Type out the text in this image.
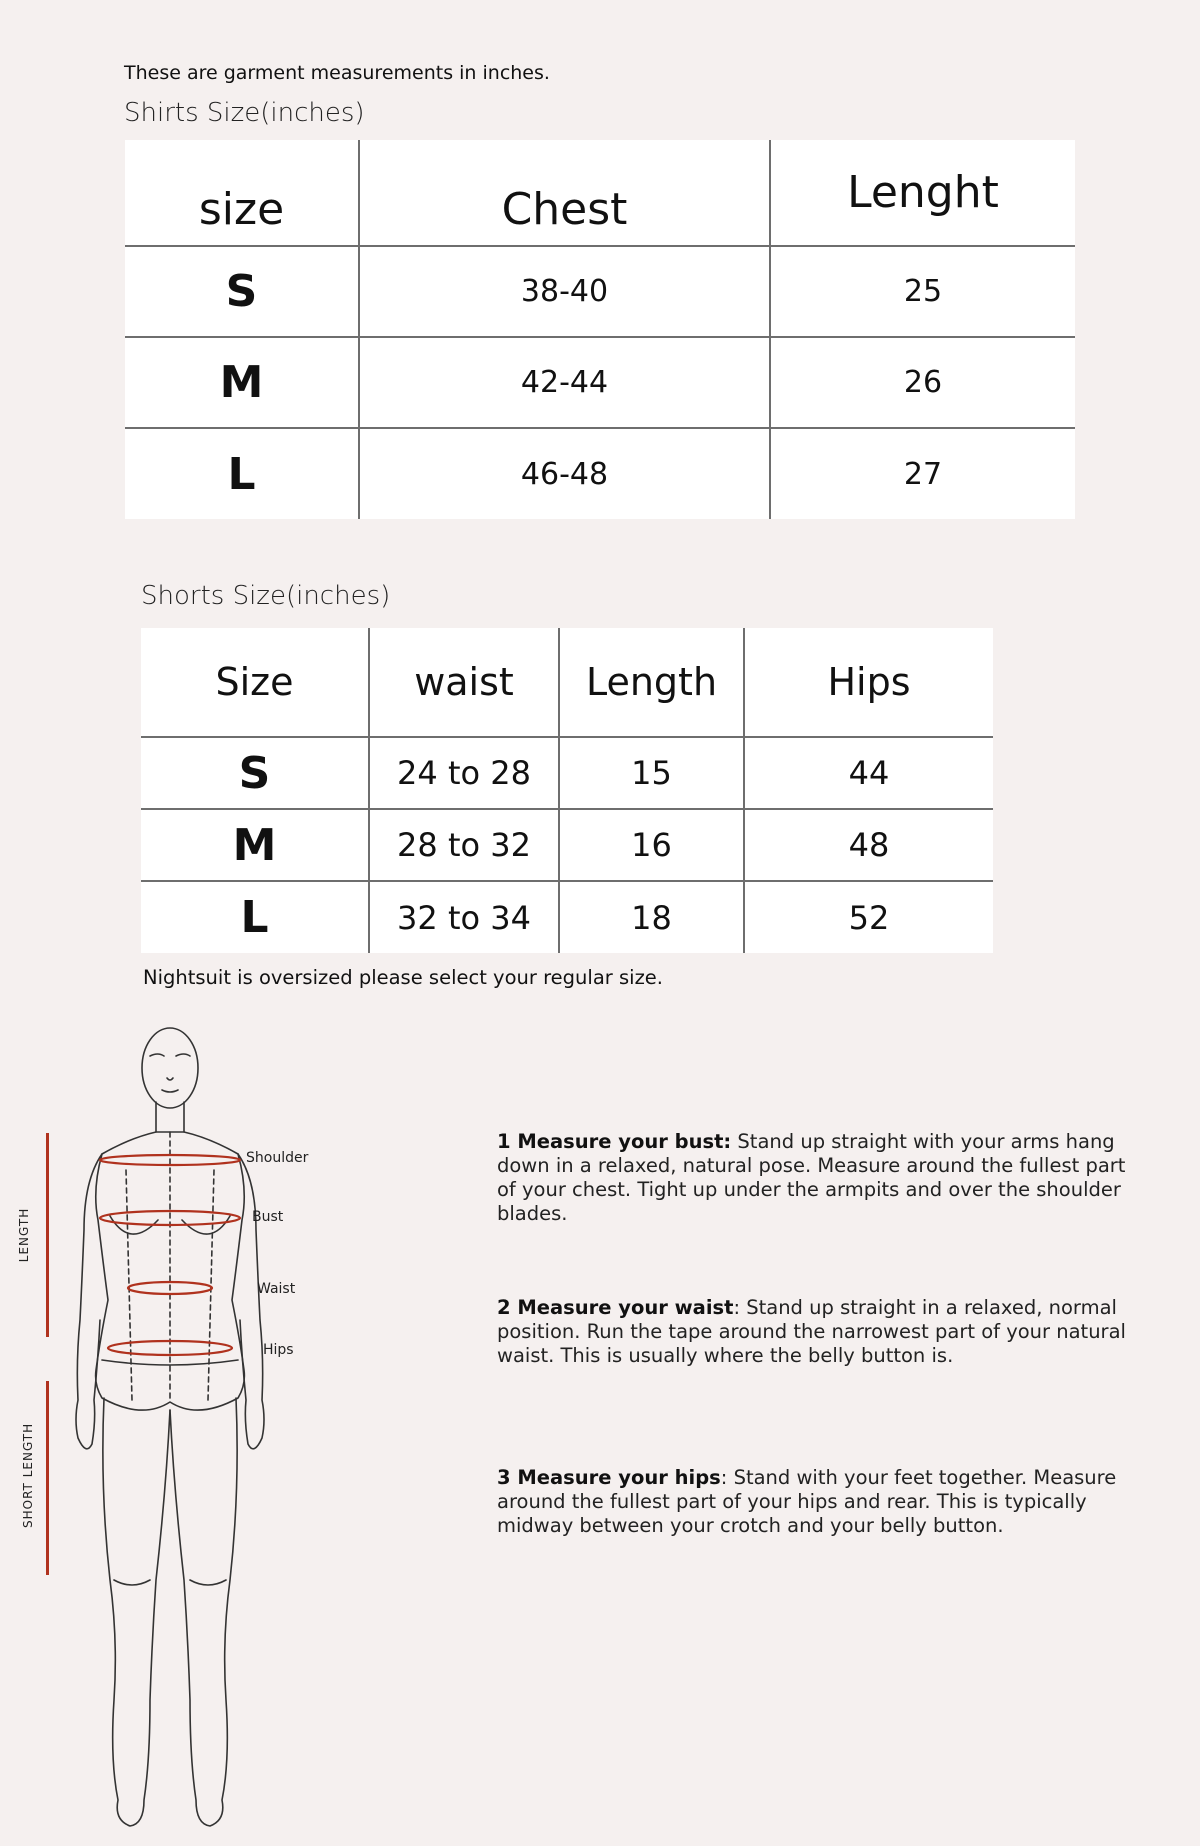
These are garment measurements in inches.
Shirts Size(inches)
size	Chest	Lenght
S	38-40	25
M	42-44	26
L	46-48	27
Shorts Size(inches)
Size	waist	Length	Hips
S	24 to 28	15	44
M	28 to 32	16	48
L	32 to 34	18	52
Nightsuit is oversized please select your regular size.
LENGTH
SHORT LENGTH
Shoulder
Bust
Waist
Hips
1 Measure your bust: Stand up straight with your arms hang down in a relaxed, natural pose. Measure around the fullest part of your chest. Tight up under the armpits and over the shoulder blades.
2 Measure your waist: Stand up straight in a relaxed, normal position. Run the tape around the narrowest part of your natural waist. This is usually where the belly button is.
3 Measure your hips: Stand with your feet together. Measure around the fullest part of your hips and rear. This is typically midway between your crotch and your belly button.
